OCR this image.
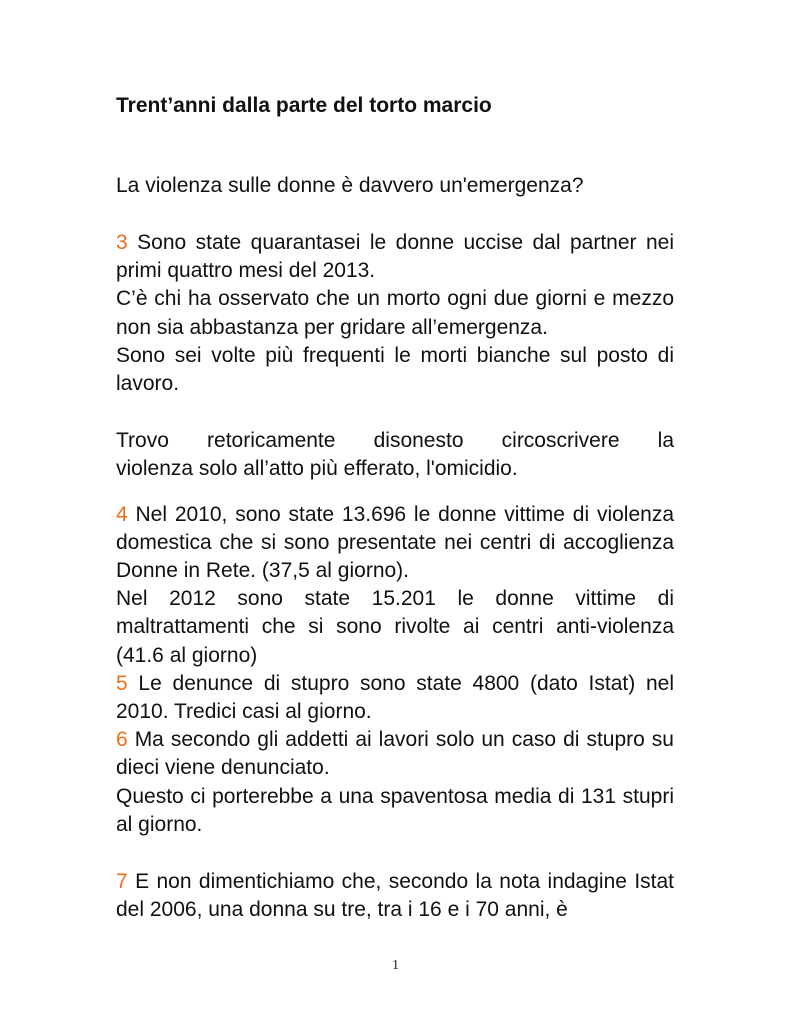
Trent’anni dalla parte del torto marcio

La violenza sulle donne è davvero un'emergenza?

3 Sono state quarantasei le donne uccise dal partner nei primi quattro mesi del 2013.

C’è chi ha osservato che un morto ogni due giorni e mezzo non sia abbastanza per gridare all’emergenza.

Sono sei volte più frequenti le morti bianche sul posto di lavoro.

Trovo retoricamente disonesto circoscrivere la

violenza solo all’atto più efferato, l'omicidio.

4 Nel 2010, sono state 13.696 le donne vittime di violenza domestica che si sono presentate nei centri di accoglienza Donne in Rete. (37,5 al giorno).

Nel 2012 sono state 15.201 le donne vittime di maltrattamenti che si sono rivolte ai centri anti-violenza (41.6 al giorno)

5 Le denunce di stupro sono state 4800 (dato Istat) nel 2010. Tredici casi al giorno.

6 Ma secondo gli addetti ai lavori solo un caso di stupro su dieci viene denunciato.

Questo ci porterebbe a una spaventosa media di 131 stupri al giorno.

7 E non dimentichiamo che, secondo la nota indagine Istat del 2006, una donna su tre, tra i 16 e i 70 anni, è

1
